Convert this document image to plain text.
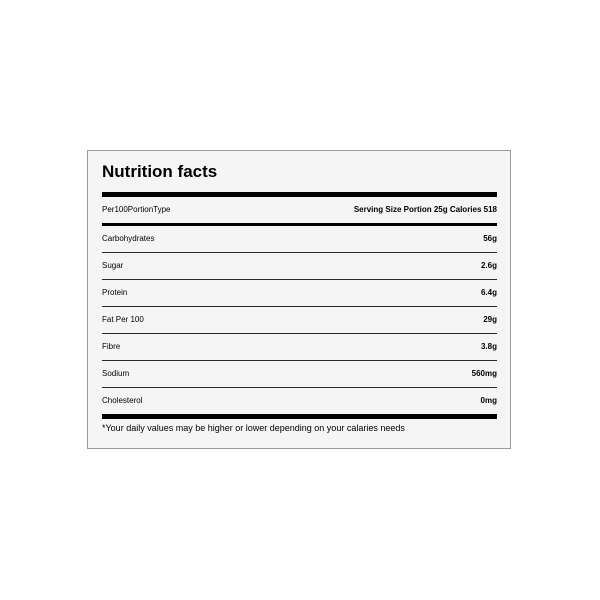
Nutrition facts
Per100PortionType	Serving Size Portion 25g Calories 518
Carbohydrates	56g
Sugar	2.6g
Protein	6.4g
Fat Per 100	29g
Fibre	3.8g
Sodium	560mg
Cholesterol	0mg

*Your daily values may be higher or lower depending on your calaries needs
